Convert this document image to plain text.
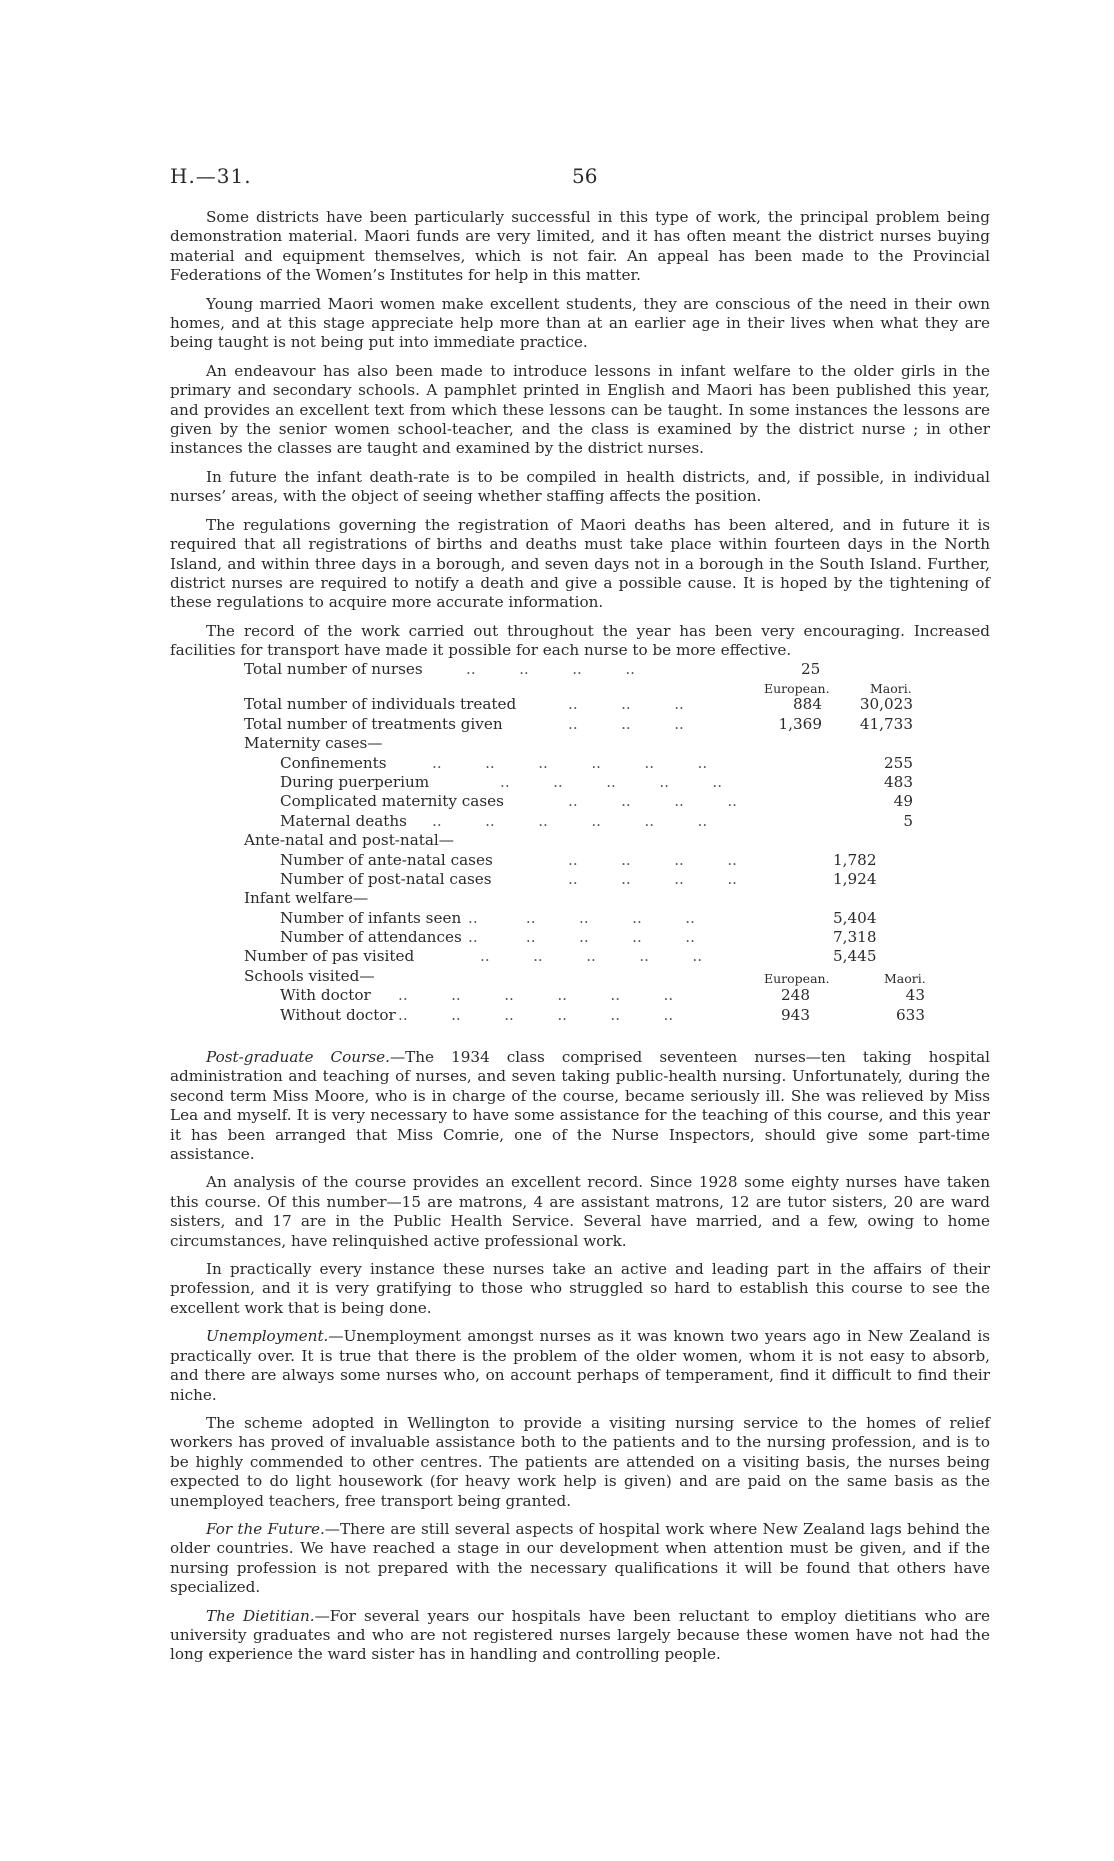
H.—31.	56

Some districts have been particularly successful in this type of work, the principal problem being demonstration material. Maori funds are very limited, and it has often meant the district nurses buying material and equipment themselves, which is not fair. An appeal has been made to the Provincial Federations of the Women’s Institutes for help in this matter.

Young married Maori women make excellent students, they are conscious of the need in their own homes, and at this stage appreciate help more than at an earlier age in their lives when what they are being taught is not being put into immediate practice.

An endeavour has also been made to introduce lessons in infant welfare to the older girls in the primary and secondary schools. A pamphlet printed in English and Maori has been published this year, and provides an excellent text from which these lessons can be taught. In some instances the lessons are given by the senior women school-teacher, and the class is examined by the district nurse ; in other instances the classes are taught and examined by the district nurses.

In future the infant death-rate is to be compiled in health districts, and, if possible, in individual nurses’ areas, with the object of seeing whether staffing affects the position.

The regulations governing the registration of Maori deaths has been altered, and in future it is required that all registrations of births and deaths must take place within fourteen days in the North Island, and within three days in a borough, and seven days not in a borough in the South Island. Further, district nurses are required to notify a death and give a possible cause. It is hoped by the tightening of these regulations to acquire more accurate information.

The record of the work carried out throughout the year has been very encouraging. Increased facilities for transport have made it possible for each nurse to be more effective.

Total number of nurses	..         ..         ..         ..	25
European.	Maori.
Total number of individuals treated	..         ..         ..	884	30,023
Total number of treatments given	..         ..         ..	1,369	41,733
Maternity cases—
Confinements	..         ..         ..         ..         ..         ..	255
During puerperium	..         ..         ..         ..         ..	483
Complicated maternity cases	..         ..         ..         ..	49
Maternal deaths ..         ..         ..         ..         ..         ..	5
Ante-natal and post-natal—
Number of ante-natal cases	..         ..         ..         ..	1,782
Number of post-natal cases	..         ..         ..         ..	1,924
Infant welfare—
Number of infants seen ..          ..         ..         ..         ..	5,404
Number of attendances ..          ..         ..         ..         ..	7,318
Number of pas visited	..         ..         ..         ..         ..	5,445
Schools visited—	European.	Maori.
With doctor ..         ..         ..         ..         ..         ..	248	43
Without doctor ..         ..         ..         ..         ..         ..	943	633

Post-graduate Course.—The 1934 class comprised seventeen nurses—ten taking hospital administration and teaching of nurses, and seven taking public-health nursing. Unfortunately, during the second term Miss Moore, who is in charge of the course, became seriously ill. She was relieved by Miss Lea and myself. It is very necessary to have some assistance for the teaching of this course, and this year it has been arranged that Miss Comrie, one of the Nurse Inspectors, should give some part-time assistance.

An analysis of the course provides an excellent record. Since 1928 some eighty nurses have taken this course. Of this number—15 are matrons, 4 are assistant matrons, 12 are tutor sisters, 20 are ward sisters, and 17 are in the Public Health Service. Several have married, and a few, owing to home circumstances, have relinquished active professional work.

In practically every instance these nurses take an active and leading part in the affairs of their profession, and it is very gratifying to those who struggled so hard to establish this course to see the excellent work that is being done.

Unemployment.—Unemployment amongst nurses as it was known two years ago in New Zealand is practically over. It is true that there is the problem of the older women, whom it is not easy to absorb, and there are always some nurses who, on account perhaps of temperament, find it difficult to find their niche.

The scheme adopted in Wellington to provide a visiting nursing service to the homes of relief workers has proved of invaluable assistance both to the patients and to the nursing profession, and is to be highly commended to other centres. The patients are attended on a visiting basis, the nurses being expected to do light housework (for heavy work help is given) and are paid on the same basis as the unemployed teachers, free transport being granted.

For the Future.—There are still several aspects of hospital work where New Zealand lags behind the older countries. We have reached a stage in our development when attention must be given, and if the nursing profession is not prepared with the necessary qualifications it will be found that others have specialized.

The Dietitian.—For several years our hospitals have been reluctant to employ dietitians who are university graduates and who are not registered nurses largely because these women have not had the long experience the ward sister has in handling and controlling people.
